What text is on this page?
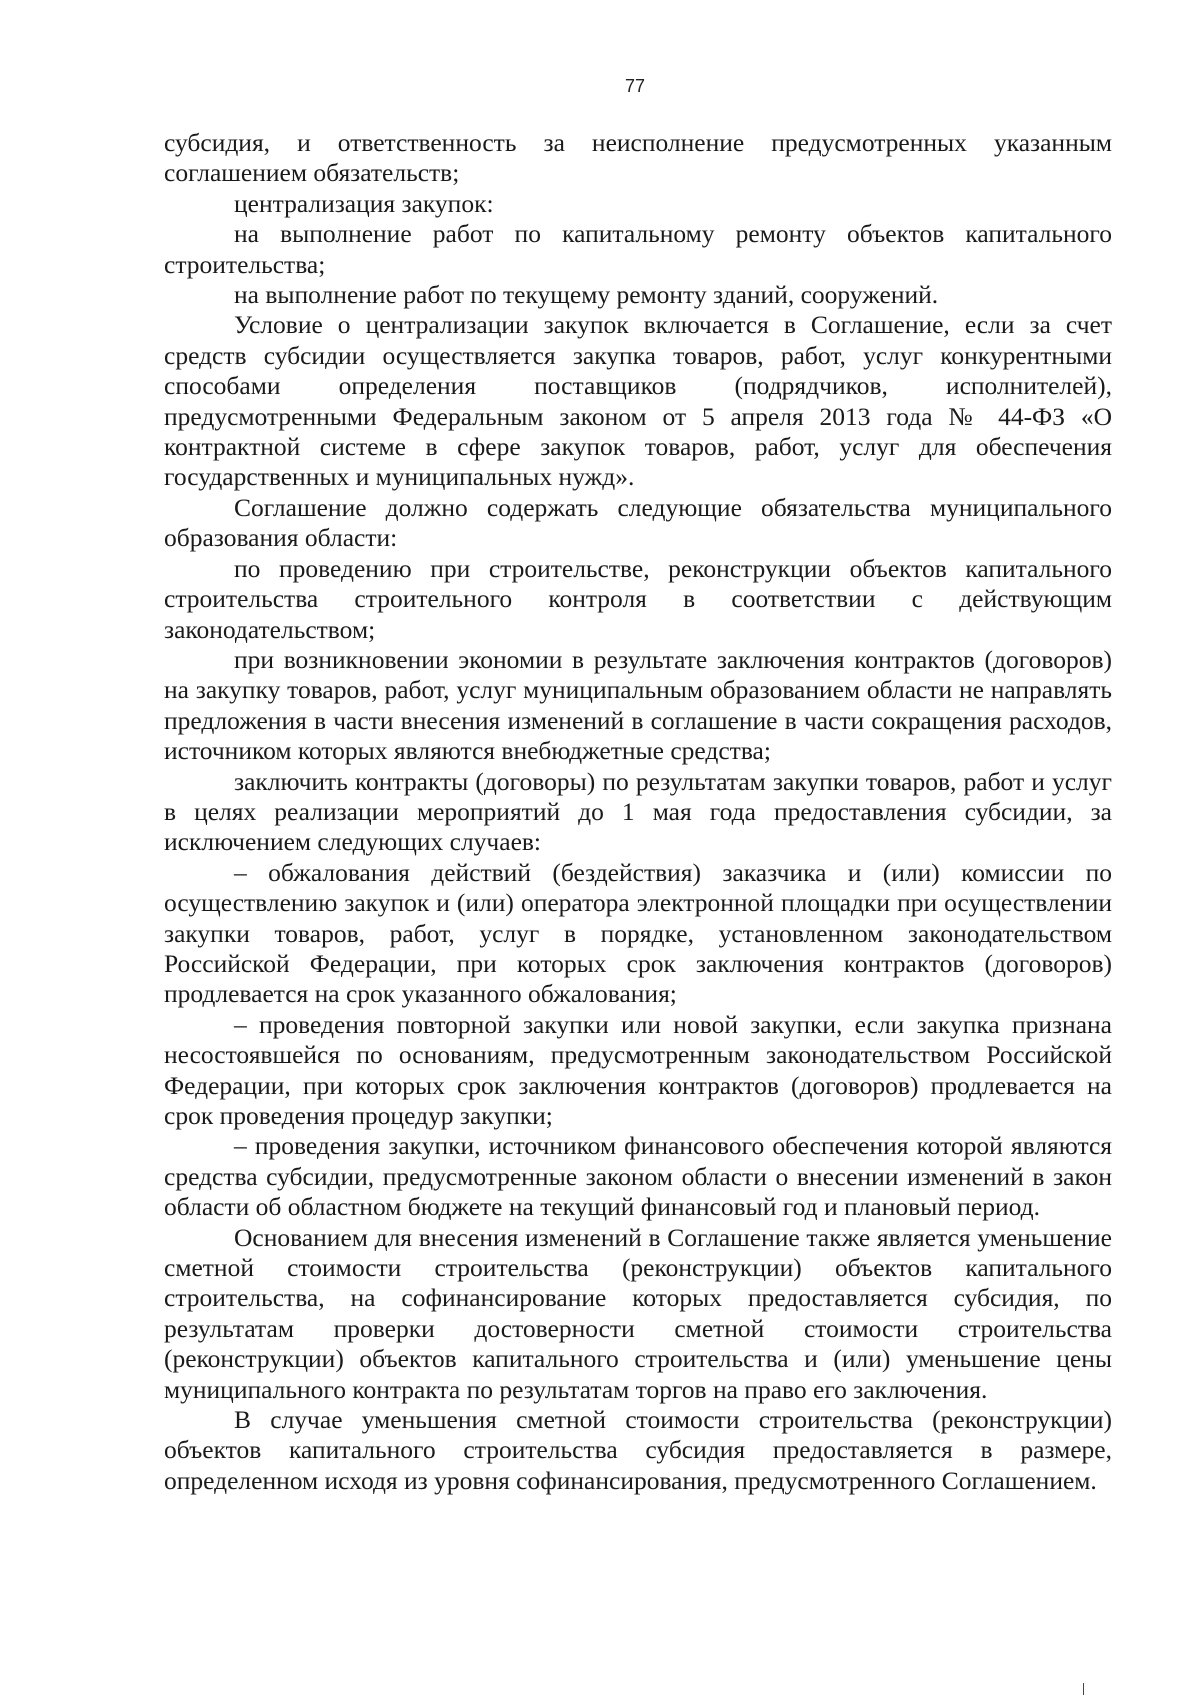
77

субсидия, и ответственность за неисполнение предусмотренных указанным соглашением обязательств;

централизация закупок:

на выполнение работ по капитальному ремонту объектов капитального строительства;

на выполнение работ по текущему ремонту зданий, сооружений.

Условие о централизации закупок включается в Соглашение, если за счет средств субсидии осуществляется закупка товаров, работ, услуг конкурентными способами определения поставщиков (подрядчиков, исполнителей), предусмотренными Федеральным законом от 5 апреля 2013 года № 44-ФЗ «О контрактной системе в сфере закупок товаров, работ, услуг для обеспечения государственных и муниципальных нужд».

Соглашение должно содержать следующие обязательства муниципального образования области:

по проведению при строительстве, реконструкции объектов капитального строительства строительного контроля в соответствии с действующим законодательством;

при возникновении экономии в результате заключения контрактов (договоров) на закупку товаров, работ, услуг муниципальным образованием области не направлять предложения в части внесения изменений в соглашение в части сокращения расходов, источником которых являются внебюджетные средства;

заключить контракты (договоры) по результатам закупки товаров, работ и услуг в целях реализации мероприятий до 1 мая года предоставления субсидии, за исключением следующих случаев:

– обжалования действий (бездействия) заказчика и (или) комиссии по осуществлению закупок и (или) оператора электронной площадки при осуществлении закупки товаров, работ, услуг в порядке, установленном законодательством Российской Федерации, при которых срок заключения контрактов (договоров) продлевается на срок указанного обжалования;

– проведения повторной закупки или новой закупки, если закупка признана несостоявшейся по основаниям, предусмотренным законодательством Российской Федерации, при которых срок заключения контрактов (договоров) продлевается на срок проведения процедур закупки;

– проведения закупки, источником финансового обеспечения которой являются средства субсидии, предусмотренные законом области о внесении изменений в закон области об областном бюджете на текущий финансовый год и плановый период.

Основанием для внесения изменений в Соглашение также является уменьшение сметной стоимости строительства (реконструкции) объектов капитального строительства, на софинансирование которых предоставляется субсидия, по результатам проверки достоверности сметной стоимости строительства (реконструкции) объектов капитального строительства и (или) уменьшение цены муниципального контракта по результатам торгов на право его заключения.

В случае уменьшения сметной стоимости строительства (реконструкции) объектов капитального строительства субсидия предоставляется в размере, определенном исходя из уровня софинансирования, предусмотренного Соглашением.
